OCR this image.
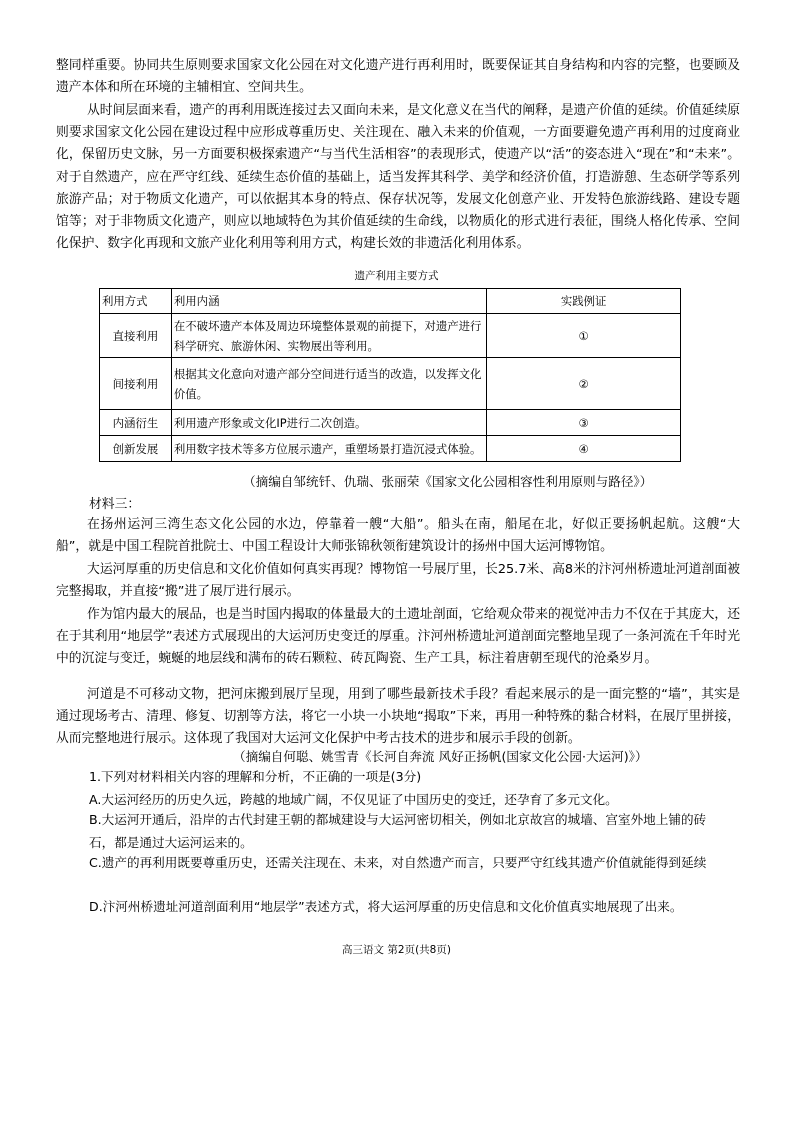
整同样重要。协同共生原则要求国家文化公园在对文化遗产进行再利用时，既要保证其自身结构和内容的完整，也要顾及遗产本体和所在环境的主辅相宜、空间共生。

从时间层面来看，遗产的再利用既连接过去又面向未来，是文化意义在当代的阐释，是遗产价值的延续。价值延续原则要求国家文化公园在建设过程中应形成尊重历史、关注现在、融入未来的价值观，一方面要避免遗产再利用的过度商业化，保留历史文脉，另一方面要积极探索遗产“与当代生活相容”的表现形式，使遗产以“活”的姿态进入“现在”和“未来”。对于自然遗产，应在严守红线、延续生态价值的基础上，适当发挥其科学、美学和经济价值，打造游憩、生态研学等系列旅游产品；对于物质文化遗产，可以依据其本身的特点、保存状况等，发展文化创意产业、开发特色旅游线路、建设专题馆等；对于非物质文化遗产，则应以地域特色为其价值延续的生命线，以物质化的形式进行表征，围绕人格化传承、空间化保护、数字化再现和文旅产业化利用等利用方式，构建长效的非遗活化利用体系。

遗产利用主要方式
利用方式	利用内涵	实践例证
直接利用	在不破坏遗产本体及周边环境整体景观的前提下，对遗产进行科学研究、旅游休闲、实物展出等利用。	①
间接利用	根据其文化意向对遗产部分空间进行适当的改造，以发挥文化价值。	②
内涵衍生	利用遗产形象或文化IP进行二次创造。	③
创新发展	利用数字技术等多方位展示遗产，重塑场景打造沉浸式体验。	④
（摘编自邹统钎、仇瑞、张丽荣《国家文化公园相容性利用原则与路径》）
材料三：

在扬州运河三湾生态文化公园的水边，停靠着一艘“大船”。船头在南，船尾在北，好似正要扬帆起航。这艘“大船”，就是中国工程院首批院士、中国工程设计大师张锦秋领衔建筑设计的扬州中国大运河博物馆。

大运河厚重的历史信息和文化价值如何真实再现？博物馆一号展厅里，长25.7米、高8米的汴河州桥遗址河道剖面被完整揭取，并直接“搬”进了展厅进行展示。

作为馆内最大的展品，也是当时国内揭取的体量最大的土遗址剖面，它给观众带来的视觉冲击力不仅在于其庞大，还在于其利用“地层学”表述方式展现出的大运河历史变迁的厚重。汴河州桥遗址河道剖面完整地呈现了一条河流在千年时光中的沉淀与变迁，蜿蜒的地层线和满布的砖石颗粒、砖瓦陶瓷、生产工具，标注着唐朝至现代的沧桑岁月。

河道是不可移动文物，把河床搬到展厅呈现，用到了哪些最新技术手段？看起来展示的是一面完整的“墙”，其实是通过现场考古、清理、修复、切割等方法，将它一小块一小块地“揭取”下来，再用一种特殊的黏合材料，在展厅里拼接，从而完整地进行展示。这体现了我国对大运河文化保护中考古技术的进步和展示手段的创新。

（摘编自何聪、姚雪青《长河自奔流 风好正扬帆(国家文化公园·大运河)》）
1.下列对材料相关内容的理解和分析，不正确的一项是(3分)
A.大运河经历的历史久远，跨越的地域广阔，不仅见证了中国历史的变迁，还孕育了多元文化。
B.大运河开通后，沿岸的古代封建王朝的都城建设与大运河密切相关，例如北京故宫的城墙、宫室外地上铺的砖石，都是通过大运河运来的。
C.遗产的再利用既要尊重历史，还需关注现在、未来，对自然遗产而言，只要严守红线其遗产价值就能得到延续
D.汴河州桥遗址河道剖面利用“地层学”表述方式，将大运河厚重的历史信息和文化价值真实地展现了出来。
高三语文 第2页(共8页)
